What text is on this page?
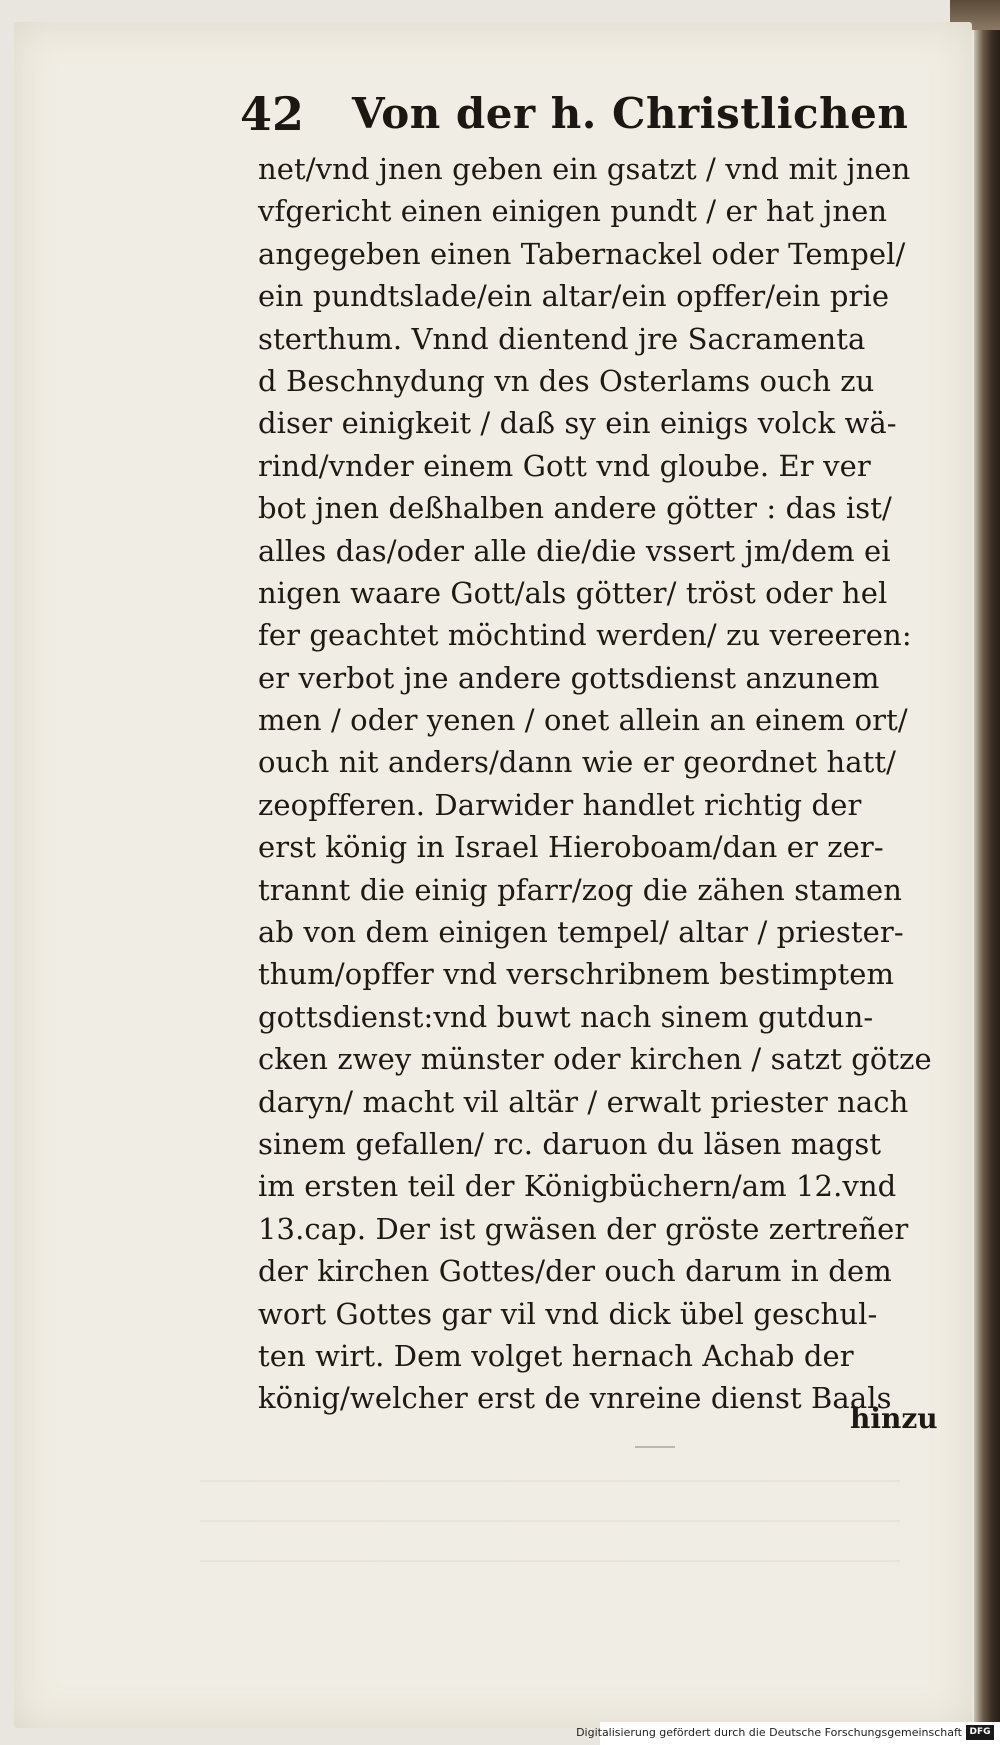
42 Von der h. Christlichen
net/vnd jnen geben ein gsatzt / vnd mit jnen
vfgericht einen einigen pundt / er hat jnen
angegeben einen Tabernackel oder Tempel/
ein pundtslade/ein altar/ein opffer/ein prie
sterthum. Vnnd dientend jre Sacramenta
d Beschnydung vn des Osterlams ouch zu
diser einigkeit / daß sy ein einigs volck wä-
rind/vnder einem Gott vnd gloube. Er ver
bot jnen deßhalben andere götter : das ist/
alles das/oder alle die/die vssert jm/dem ei
nigen waare Gott/als götter/ tröst oder hel
fer geachtet möchtind werden/ zu vereeren:
er verbot jne andere gottsdienst anzunem
men / oder yenen / onet allein an einem ort/
ouch nit anders/dann wie er geordnet hatt/
zeopfferen. Darwider handlet richtig der
erst könig in Israel Hieroboam/dan er zer-
trannt die einig pfarr/zog die zähen stamen
ab von dem einigen tempel/ altar / priester-
thum/opffer vnd verschribnem bestimptem
gottsdienst:vnd buwt nach sinem gutdun-
cken zwey münster oder kirchen / satzt götze
daryn/ macht vil altär / erwalt priester nach
sinem gefallen/ rc. daruon du läsen magst
im ersten teil der Königbüchern/am 12.vnd
13.cap. Der ist gwäsen der gröste zertreñer
der kirchen Gottes/der ouch darum in dem
wort Gottes gar vil vnd dick übel geschul-
ten wirt. Dem volget hernach Achab der
könig/welcher erst de vnreine dienst Baals
hinzu
Digitalisierung gefördert durch die Deutsche Forschungsgemeinschaft DFG
